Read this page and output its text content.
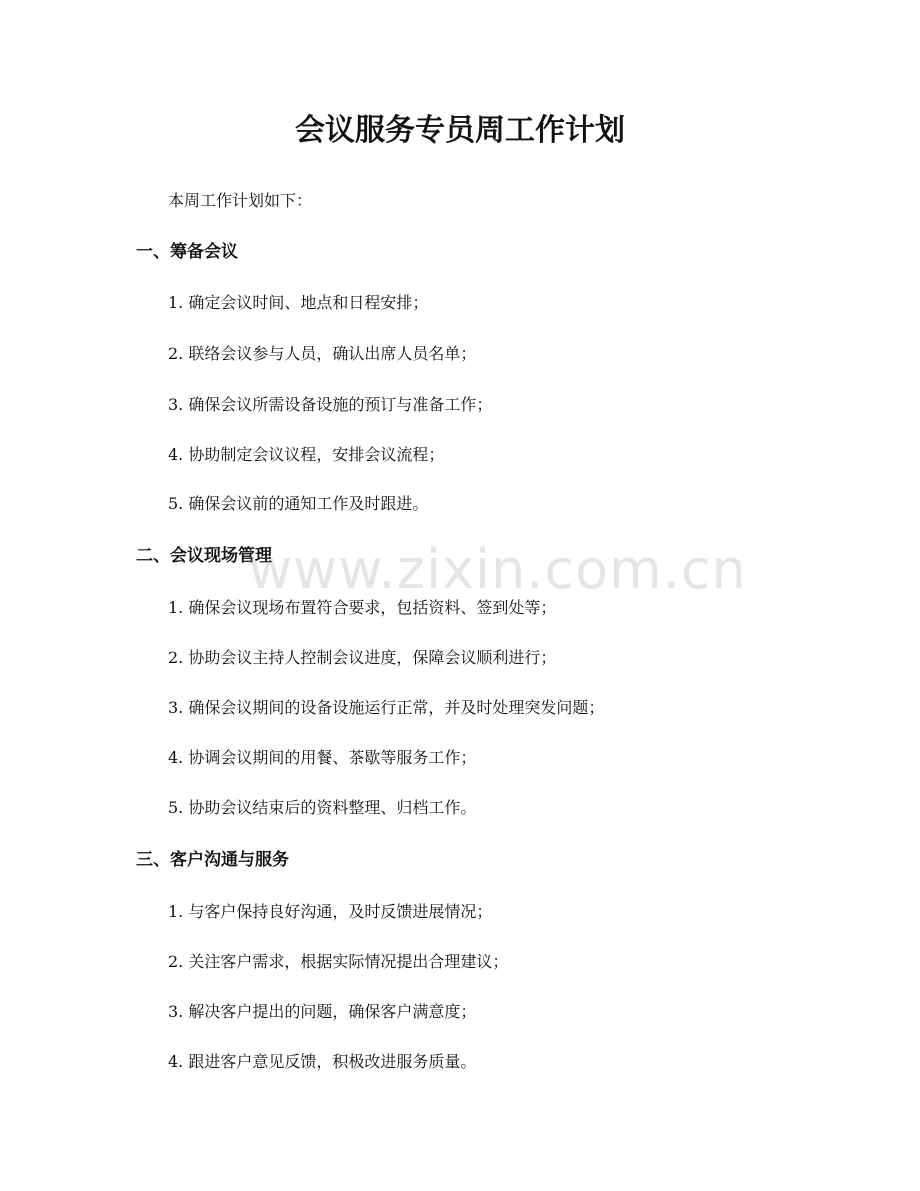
会议服务专员周工作计划
本周工作计划如下：
一、筹备会议
1. 确定会议时间、地点和日程安排；
2. 联络会议参与人员，确认出席人员名单；
3. 确保会议所需设备设施的预订与准备工作；
4. 协助制定会议议程，安排会议流程；
5. 确保会议前的通知工作及时跟进。
二、会议现场管理
1. 确保会议现场布置符合要求，包括资料、签到处等；
2. 协助会议主持人控制会议进度，保障会议顺利进行；
3. 确保会议期间的设备设施运行正常，并及时处理突发问题；
4. 协调会议期间的用餐、茶歇等服务工作；
5. 协助会议结束后的资料整理、归档工作。
三、客户沟通与服务
1. 与客户保持良好沟通，及时反馈进展情况；
2. 关注客户需求，根据实际情况提出合理建议；
3. 解决客户提出的问题，确保客户满意度；
4. 跟进客户意见反馈，积极改进服务质量。
www.zixin.com.cn
